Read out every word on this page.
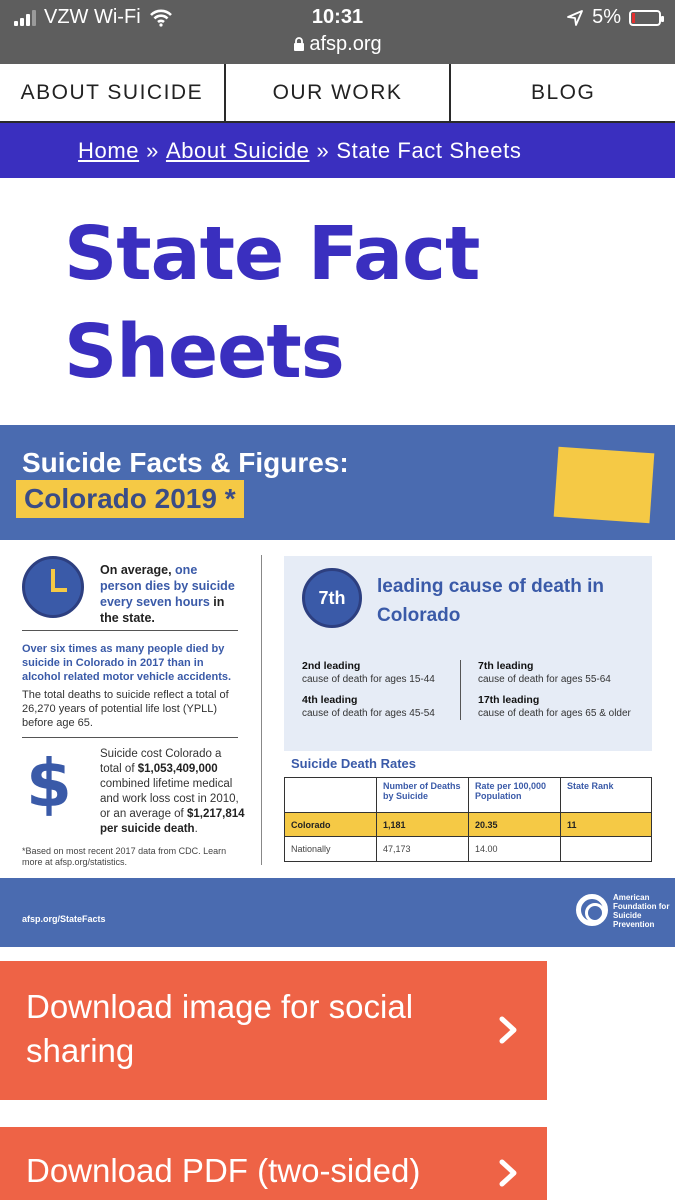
VZW Wi-Fi	10:31	5%
afsp.org
ABOUT SUICIDE	OUR WORK	BLOG
Home » About Suicide » State Fact Sheets
State Fact Sheets
Suicide Facts & Figures:
Colorado 2019 *
On average, one person dies by suicide every seven hours in the state.
Over six times as many people died by suicide in Colorado in 2017 than in alcohol related motor vehicle accidents.
The total deaths to suicide reflect a total of 26,270 years of potential life lost (YPLL) before age 65.
$ Suicide cost Colorado a total of $1,053,409,000 combined lifetime medical and work loss cost in 2010, or an average of $1,217,814 per suicide death.
*Based on most recent 2017 data from CDC. Learn more at afsp.org/statistics.
7th
leading cause of death in Colorado
2nd leading
cause of death for ages 15-44
7th leading
cause of death for ages 55-64
4th leading
cause of death for ages 45-54
17th leading
cause of death for ages 65 & older
Suicide Death Rates
	Number of Deaths by Suicide	Rate per 100,000 Population	State Rank
Colorado	1,181	20.35	11
Nationally	47,173	14.00	
afsp.org/StateFacts
American Foundation for Suicide Prevention
Download image for social sharing
Download PDF (two-sided)
